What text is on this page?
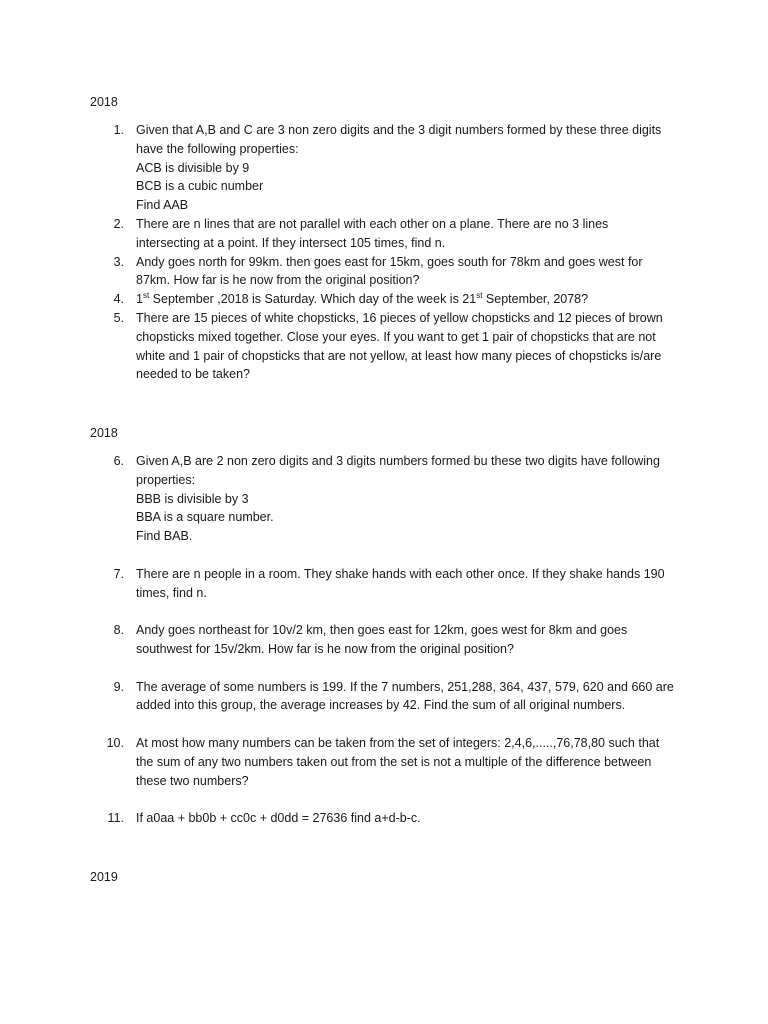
2018
1. Given that A,B and C are 3 non zero digits and the 3 digit numbers formed by these three digits
have the following properties:
ACB is divisible by 9
BCB is a cubic number
Find AAB
2. There are n lines that are not parallel with each other on a plane. There are no 3 lines
intersecting at a point. If they intersect 105 times, find n.
3. Andy goes north for 99km. then goes east for 15km, goes south for 78km and goes west for
87km. How far is he now from the original position?
4. 1st September ,2018 is Saturday. Which day of the week is 21st September, 2078?
5. There are 15 pieces of white chopsticks, 16 pieces of yellow chopsticks and 12 pieces of brown
chopsticks mixed together. Close your eyes. If you want to get 1 pair of chopsticks that are not
white and 1 pair of chopsticks that are not yellow, at least how many pieces of chopsticks is/are
needed to be taken?
2018
6. Given A,B are 2 non zero digits and 3 digits numbers formed bu these two digits have following
properties:
BBB is divisible by 3
BBA is a square number.
Find BAB.
7. There are n people in a room. They shake hands with each other once. If they shake hands 190
times, find n.
8. Andy goes northeast for 10v/2 km, then goes east for 12km, goes west for 8km and goes
southwest for 15v/2km. How far is he now from the original position?
9. The average of some numbers is 199. If the 7 numbers, 251,288, 364, 437, 579, 620 and 660 are
added into this group, the average increases by 42. Find the sum of all original numbers.
10. At most how many numbers can be taken from the set of integers: 2,4,6,.....,76,78,80 such that
the sum of any two numbers taken out from the set is not a multiple of the difference between
these two numbers?
11. If a0aa + bb0b + cc0c + d0dd = 27636 find a+d-b-c.
2019
